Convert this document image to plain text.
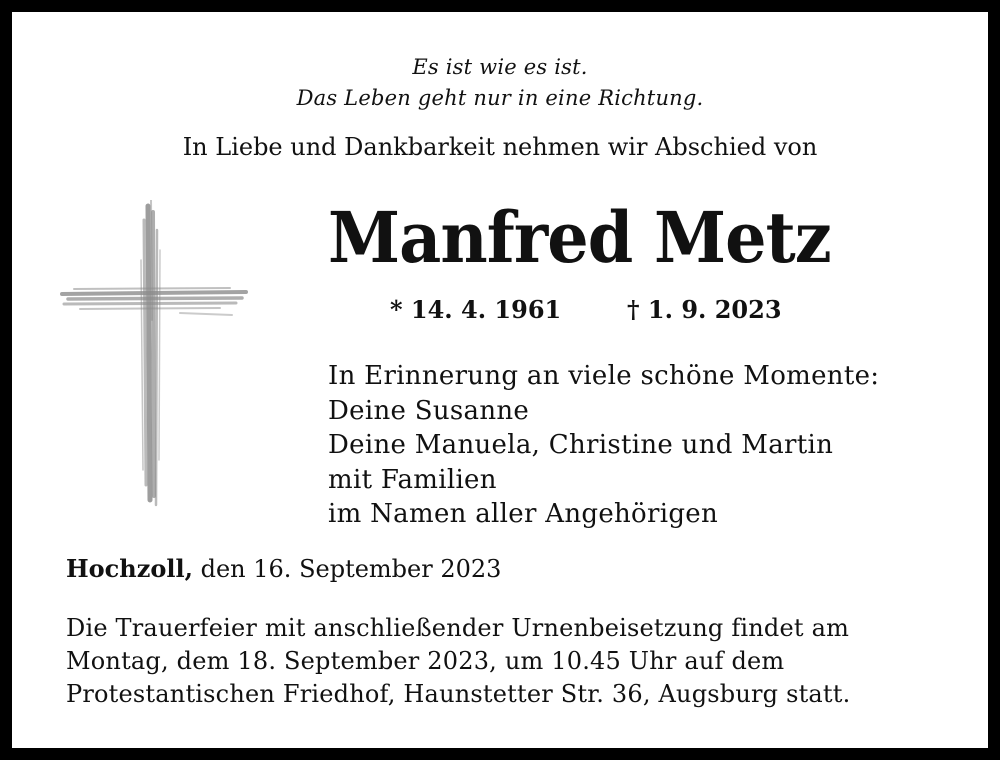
Es ist wie es ist.
Das Leben geht nur in eine Richtung.
In Liebe und Dankbarkeit nehmen wir Abschied von
Manfred Metz
* 14. 4. 1961	† 1. 9. 2023
In Erinnerung an viele schöne Momente:
Deine Susanne
Deine Manuela, Christine und Martin
mit Familien
im Namen aller Angehörigen
Hochzoll, den 16. September 2023
Die Trauerfeier mit anschließender Urnenbeisetzung findet am
Montag, dem 18. September 2023, um 10.45 Uhr auf dem
Protestantischen Friedhof, Haunstetter Str. 36, Augsburg statt.
